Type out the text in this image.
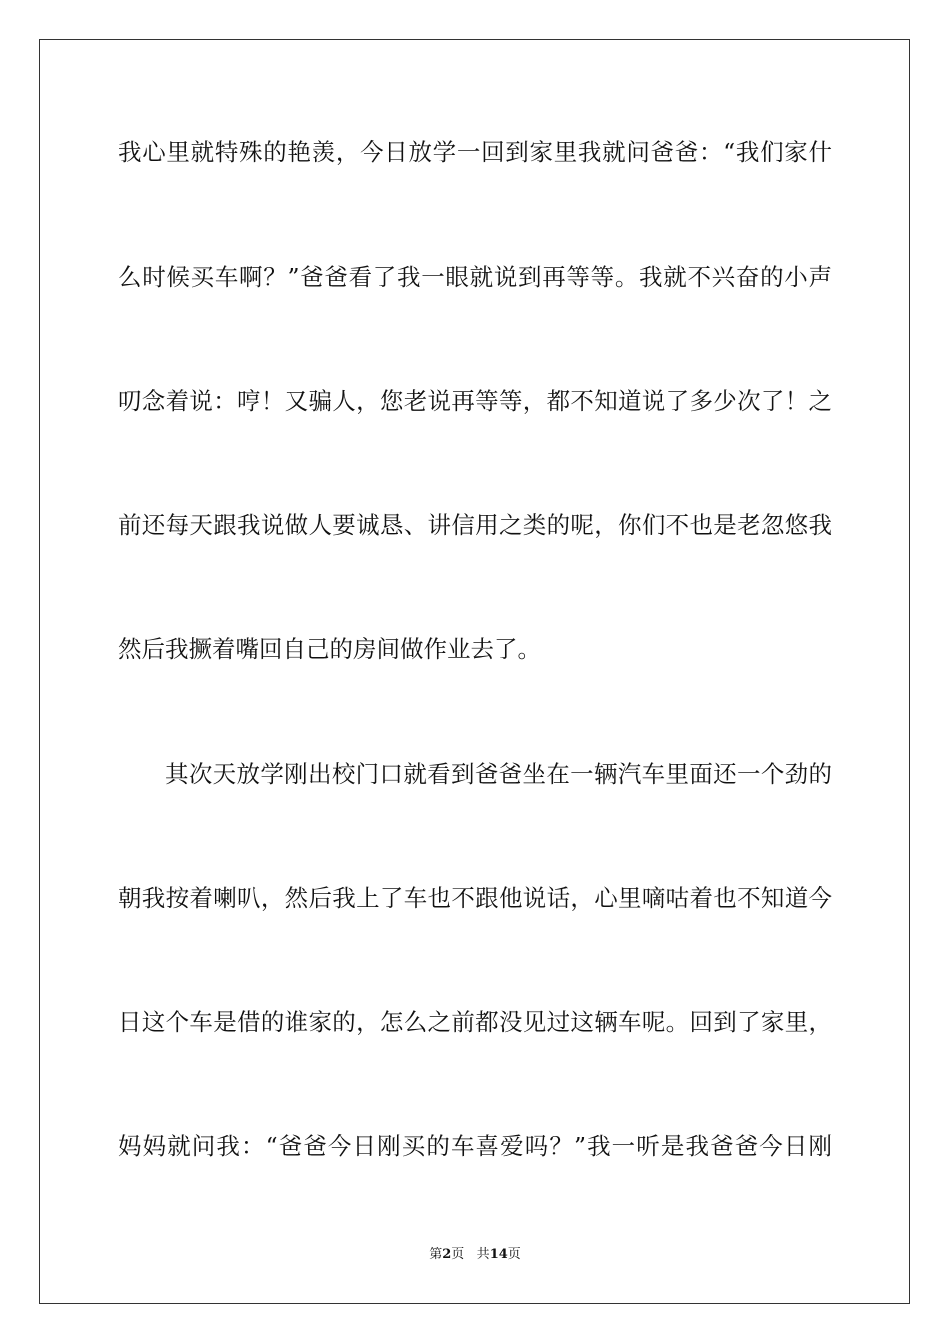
我心里就特殊的艳羡，今日放学一回到家里我就问爸爸：“我们家什
么时候买车啊？”爸爸看了我一眼就说到再等等。我就不兴奋的小声
叨念着说：哼！又骗人，您老说再等等，都不知道说了多少次了！之
前还每天跟我说做人要诚恳、讲信用之类的呢，你们不也是老忽悠我
然后我撅着嘴回自己的房间做作业去了。
其次天放学刚出校门口就看到爸爸坐在一辆汽车里面还一个劲的
朝我按着喇叭，然后我上了车也不跟他说话，心里嘀咕着也不知道今
日这个车是借的谁家的，怎么之前都没见过这辆车呢。回到了家里，
妈妈就问我：“爸爸今日刚买的车喜爱吗？”我一听是我爸爸今日刚
第2页 共14页
